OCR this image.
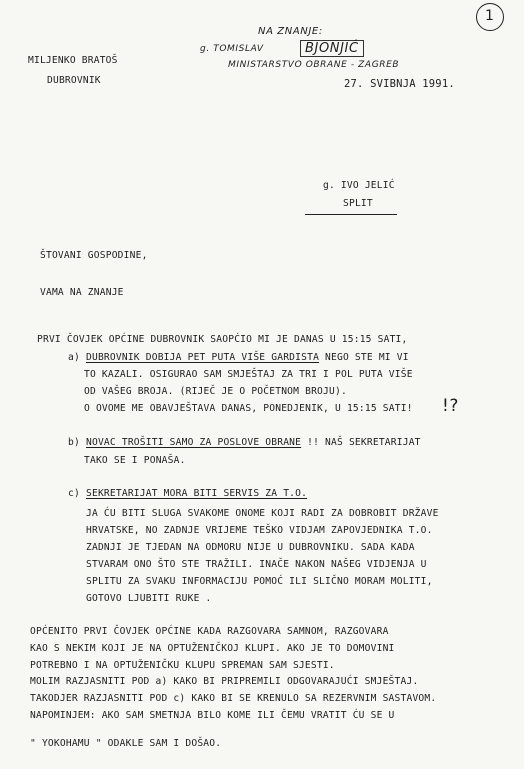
1
NA ZNANJE:
g. TOMISLAV	BJONJIĆ
MINISTARSTVO OBRANE - ZAGREB
MILJENKO BRATOŠ
DUBROVNIK	27. SVIBNJA 1991.
g. IVO JELIĆ
SPLIT
ŠTOVANI GOSPODINE,
VAMA NA ZNANJE
PRVI ČOVJEK OPĆINE DUBROVNIK SAOPĆIO MI JE DANAS U 15:15 SATI,
a) DUBROVNIK DOBIJA PET PUTA VIŠE GARDISTA NEGO STE MI VI
TO KAZALI. OSIGURAO SAM SMJEŠTAJ ZA TRI I POL PUTA VIŠE
OD VAŠEG BROJA. (RIJEČ JE O POČETNOM BROJU).
O OVOME ME OBAVJEŠTAVA DANAS, PONEDJENIK, U 15:15 SATI! !?
b) NOVAC TROŠITI SAMO ZA POSLOVE OBRANE !! NAŠ SEKRETARIJAT
TAKO SE I PONAŠA.
c) SEKRETARIJAT MORA BITI SERVIS ZA T.O.
JA ĆU BITI SLUGA SVAKOME ONOME KOJI RADI ZA DOBROBIT DRŽAVE
HRVATSKE, NO ZADNJE VRIJEME TEŠKO VIDJAM ZAPOVJEDNIKA T.O.
ZADNJI JE TJEDAN NA ODMORU NIJE U DUBROVNIKU. SADA KADA
STVARAM ONO ŠTO STE TRAŽILI. INAČE NAKON NAŠEG VIDJENJA U
SPLITU ZA SVAKU INFORMACIJU POMOĆ ILI SLIČNO MORAM MOLITI,
GOTOVO LJUBITI RUKE .
OPĆENITO PRVI ČOVJEK OPĆINE KADA RAZGOVARA SAMNOM, RAZGOVARA
KAO S NEKIM KOJI JE NA OPTUŽENIČKOJ KLUPI. AKO JE TO DOMOVINI
POTREBNO I NA OPTUŽENIČKU KLUPU SPREMAN SAM SJESTI.
MOLIM RAZJASNITI POD a) KAKO BI PRIPREMILI ODGOVARAJUĆI SMJEŠTAJ.
TAKODJER RAZJASNITI POD c) KAKO BI SE KRENULO SA REZERVNIM SASTAVOM.
NAPOMINJEM: AKO SAM SMETNJA BILO KOME ILI ČEMU VRATIT ĆU SE U
" YOKOHAMU " ODAKLE SAM I DOŠAO.
